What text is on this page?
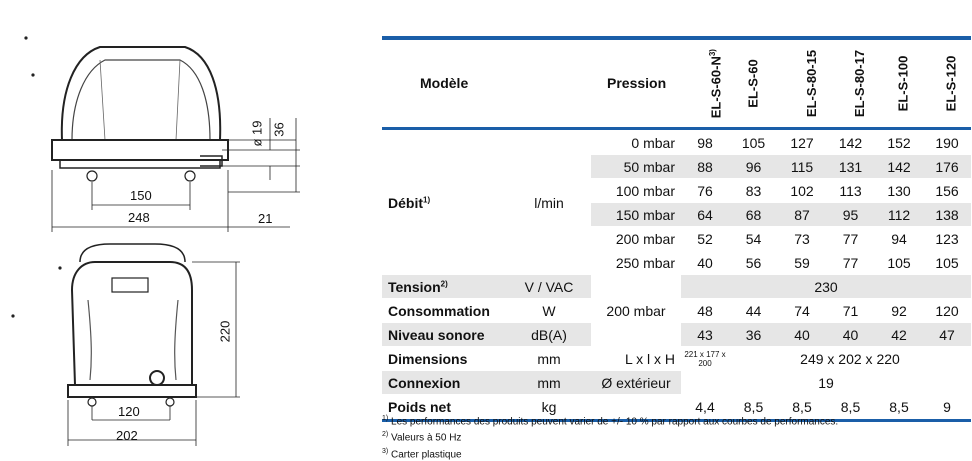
150
248	21
36
ø 19
220
120
202
Modèle		Pression	$EL-S-60-N^{3)}$	EL-S-60	EL-S-80-15	EL-S-80-17	EL-S-100	EL-S-120

Débit$^{1)}$	l/min	0 mbar	98	105	127	142	152	190
		50 mbar	88	96	115	131	142	176
		100 mbar	76	83	102	113	130	156
		150 mbar	64	68	87	95	112	138
		200 mbar	52	54	73	77	94	123
		250 mbar	40	56	59	77	105	105
Tension$^{2)}$	V / VAC		230					
Consommation	W	200 mbar	48	44	74	71	92	120
Niveau sonore	dB(A)		43	36	40	40	42	47
Dimensions	mm	L x l x H	221 x 177 x 200	249 x 202 x 220				
Connexion	mm	Ø extérieur	19					
Poids net	kg		4,4	8,5	8,5	8,5	8,5	9
$^{1)}$ Les performances des produits peuvent varier de +/- 10 % par rapport aux courbes de performances.
$^{2)}$ Valeurs à 50 Hz
$^{3)}$ Carter plastique
